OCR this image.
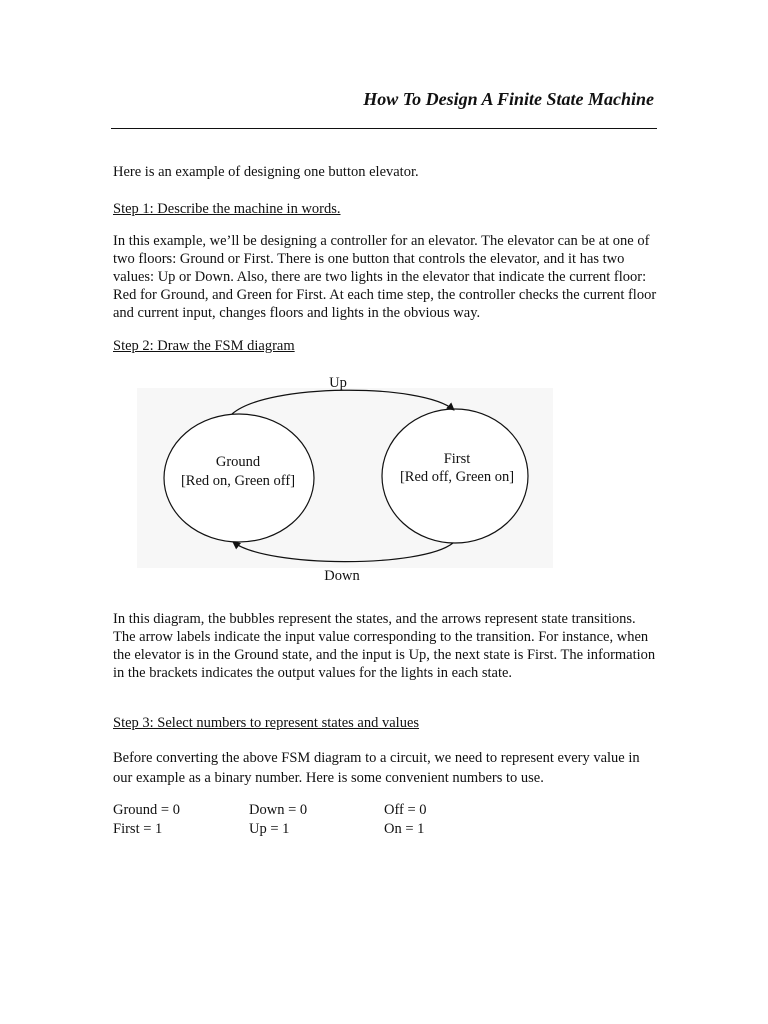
How To Design A Finite State Machine
Here is an example of designing one button elevator.
Step 1: Describe the machine in words.
In this example, we’ll be designing a controller for an elevator. The elevator can be at one of two floors: Ground or First. There is one button that controls the elevator, and it has two values: Up or Down. Also, there are two lights in the elevator that indicate the current floor: Red for Ground, and Green for First. At each time step, the controller checks the current floor and current input, changes floors and lights in the obvious way.
Step 2: Draw the FSM diagram
Up
Down
Ground
[Red on, Green off]
First
[Red off, Green on]
In this diagram, the bubbles represent the states, and the arrows represent state transitions. The arrow labels indicate the input value corresponding to the transition. For instance, when the elevator is in the Ground state, and the input is Up, the next state is First. The information in the brackets indicates the output values for the lights in each state.
Step 3: Select numbers to represent states and values
Before converting the above FSM diagram to a circuit, we need to represent every value in our example as a binary number. Here is some convenient numbers to use.
Ground = 0
First = 1
Down = 0
Up = 1
Off = 0
On = 1
